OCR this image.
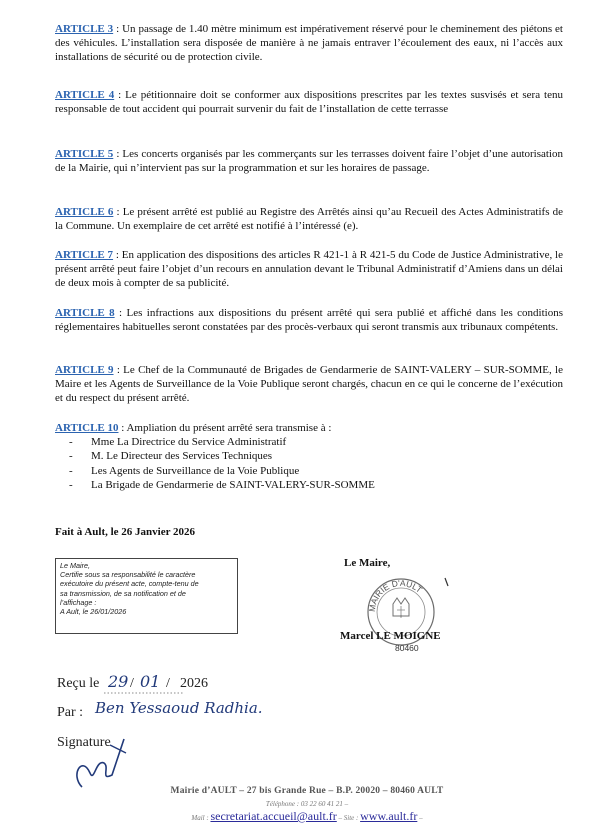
ARTICLE 3 : Un passage de 1.40 mètre minimum est impérativement réservé pour le cheminement des piétons et des véhicules. L’installation sera disposée de manière à ne jamais entraver l’écoulement des eaux, ni l’accès aux installations de sécurité ou de protection civile.

ARTICLE 4 : Le pétitionnaire doit se conformer aux dispositions prescrites par les textes susvisés et sera tenu responsable de tout accident qui pourrait survenir du fait de l’installation de cette terrasse

ARTICLE 5 : Les concerts organisés par les commerçants sur les terrasses doivent faire l’objet d’une autorisation de la Mairie, qui n’intervient pas sur la programmation et sur les horaires de passage.

ARTICLE 6 : Le présent arrêté est publié au Registre des Arrêtés ainsi qu’au Recueil des Actes Administratifs de la Commune. Un exemplaire de cet arrêté est notifié à l’intéressé (e).

ARTICLE 7 : En application des dispositions des articles R 421-1 à R 421-5 du Code de Justice Administrative, le présent arrêté peut faire l’objet d’un recours en annulation devant le Tribunal Administratif d’Amiens dans un délai de deux mois à compter de sa publicité.

ARTICLE 8 : Les infractions aux dispositions du présent arrêté qui sera publié et affiché dans les conditions réglementaires habituelles seront constatées par des procès-verbaux qui seront transmis aux tribunaux compétents.

ARTICLE 9 : Le Chef de la Communauté de Brigades de Gendarmerie de SAINT-VALERY – SUR-SOMME, le Maire et les Agents de Surveillance de la Voie Publique seront chargés, chacun en ce qui le concerne de l’exécution et du respect du présent arrêté.

ARTICLE 10 : Ampliation du présent arrêté sera transmise à :
- Mme La Directrice du Service Administratif
- M. Le Directeur des Services Techniques
- Les Agents de Surveillance de la Voie Publique
- La Brigade de Gendarmerie de SAINT-VALERY-SUR-SOMME
Fait à Ault, le 26 Janvier 2026
Le Maire,
Certifie sous sa responsabilité le caractère
exécutoire du présent acte, compte-tenu de
sa transmission, de sa notification et de
l’affichage :
A Ault, le 26/01/2026	MAIRIE D'AULT
Le Maire,
Marcel LE MOIGNE
80460
Reçu le 29 / 01 / 2026
Par : Ben Yessaoud Radhia.
Signature
Mairie d’AULT – 27 bis Grande Rue – B.P. 20020 – 80460 AULT
Téléphone : 03 22 60 41 21 –
Mail : secretariat.accueil@ault.fr – Site : www.ault.fr –
